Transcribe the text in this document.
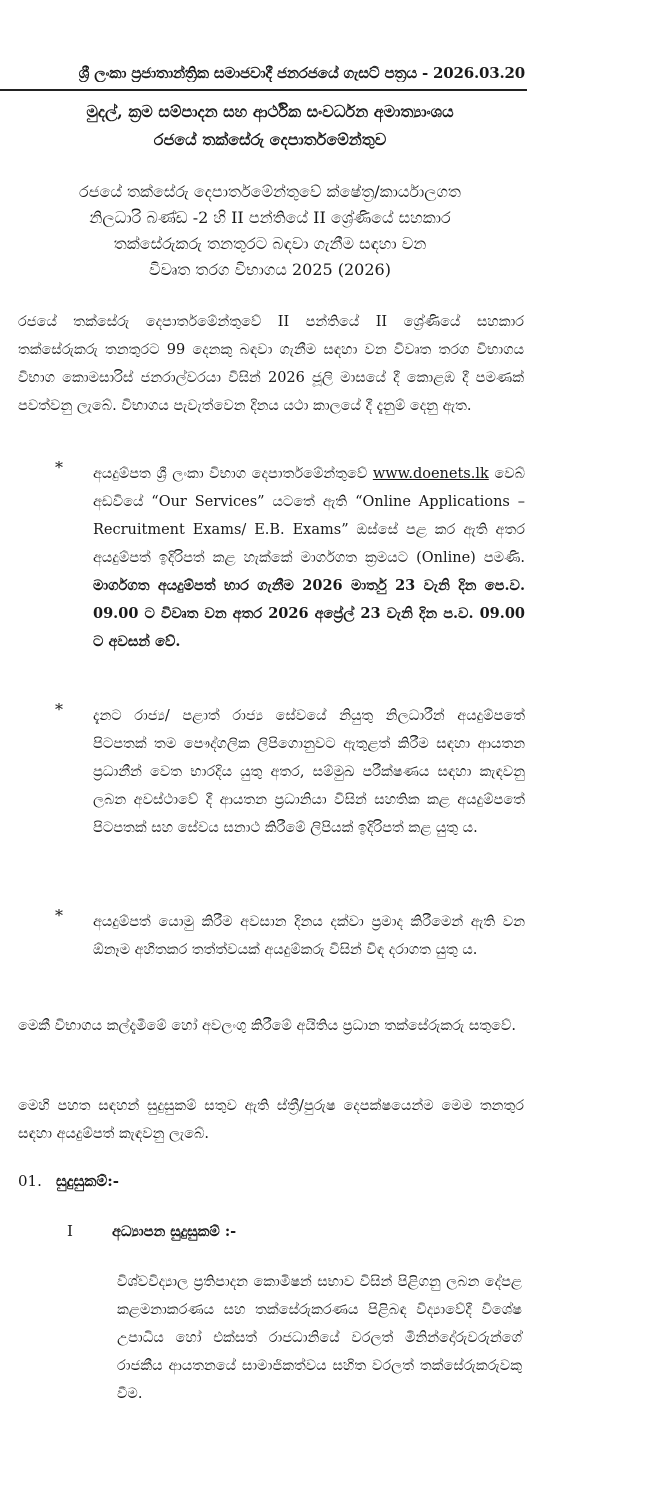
ශ්‍රී ලංකා ප්‍රජාතාන්ත්‍රික සමාජවාදී ජනරජයේ ගැසට් පත්‍රය - 2026.03.20
මුදල්, ක්‍රම සම්පාදන සහ ආර්ථික සංවර්ධන අමාත්‍යාංශය
රජයේ තක්සේරු දෙපාර්තමේන්තුව
රජයේ තක්සේරු දෙපාර්තමේන්තුවේ ක්ෂේත්‍ර/කාර්යාලගත
නිලධාරි බණ්ඩ -2 හි II පන්තියේ II ශ්‍රේණියේ සහකාර
තක්සේරුකරු තනතුරට බඳවා ගැනීම සඳහා වන
විවෘත තරග විභාගය 2025 (2026)
රජයේ තක්සේරු දෙපාර්තමේන්තුවේ II පන්තියේ II ශ්‍රේණියේ සහකාර තක්සේරුකරු තනතුරට 99 දෙනකු බඳවා ගැනීම සඳහා වන විවෘත තරග විභාගය විභාග කොමසාරිස් ජනරාල්වරයා විසින් 2026 ජූලි මාසයේ දී කොළඹ දී පමණක් පවත්වනු ලැබේ. විභාගය පැවැත්වෙන දිනය යථා කාලයේ දී දැනුම් දෙනු ඇත.
* අයදුම්පත ශ්‍රී ලංකා විභාග දෙපාර්තමේන්තුවේ www.doenets.lk වෙබ් අඩවියේ “Our Services” යටතේ ඇති “Online Applications – Recruitment Exams/ E.B. Exams” ඔස්සේ පළ කර ඇති අතර අයදුම්පත් ඉදිරිපත් කළ හැක්කේ මාර්ගගත ක්‍රමයට (Online) පමණි. මාර්ගගත අයදුම්පත් භාර ගැනීම 2026 මාර්තු 23 වැනි දින පෙ.ව. 09.00 ට විවෘත වන අතර 2026 අප්‍රේල් 23 වැනි දින ප.ව. 09.00 ට අවසන් වේ.
* දැනට රාජ්‍ය/ පළාත් රාජ්‍ය සේවයේ නියුතු නිලධාරීන් අයදුම්පතේ පිටපතක් තම පෞද්ගලික ලිපිගොනුවට ඇතුළත් කිරීම සඳහා ආයතන ප්‍රධානීන් වෙත භාරදිය යුතු අතර, සම්මුඛ පරීක්ෂණය සඳහා කැඳවනු ලබන අවස්ථාවේ දී ආයතන ප්‍රධානියා විසින් සහතික කළ අයදුම්පතේ පිටපතක් සහ සේවය සනාථ කිරීමේ ලිපියක් ඉදිරිපත් කළ යුතු ය.
* අයදුම්පත් යොමු කිරීම අවසාන දිනය දක්වා ප්‍රමාද කිරීමෙන් ඇති වන ඕනෑම අහිතකර තත්ත්වයක් අයදුම්කරු විසින් විඳ දරාගත යුතු ය.
මෙකී විභාගය කල්දැමීමේ හෝ අවලංගු කිරීමේ අයිතිය ප්‍රධාන තක්සේරුකරු සතුවේ.
මෙහි පහත සඳහන් සුදුසුකම් සතුව ඇති ස්ත්‍රී/පුරුෂ දෙපක්ෂයෙන්ම මෙම තනතුර සඳහා අයදුම්පත් කැඳවනු ලැබේ.
01. සුදුසුකම්:-
I	අධ්‍යාපන සුදුසුකම් :-
විශ්වවිද්‍යාල ප්‍රතිපාදන කොමිෂන් සභාව විසින් පිළිගනු ලබන දේපළ කළමනාකරණය සහ තක්සේරුකරණය පිළිබඳ විද්‍යාවේදී විශේෂ උපාධිය හෝ එක්සත් රාජධානියේ වරලත් මිනින්දෝරුවරුන්ගේ රාජකීය ආයතනයේ සාමාජිකත්වය සහිත වරලත් තක්සේරුකරුවකු වීම.
